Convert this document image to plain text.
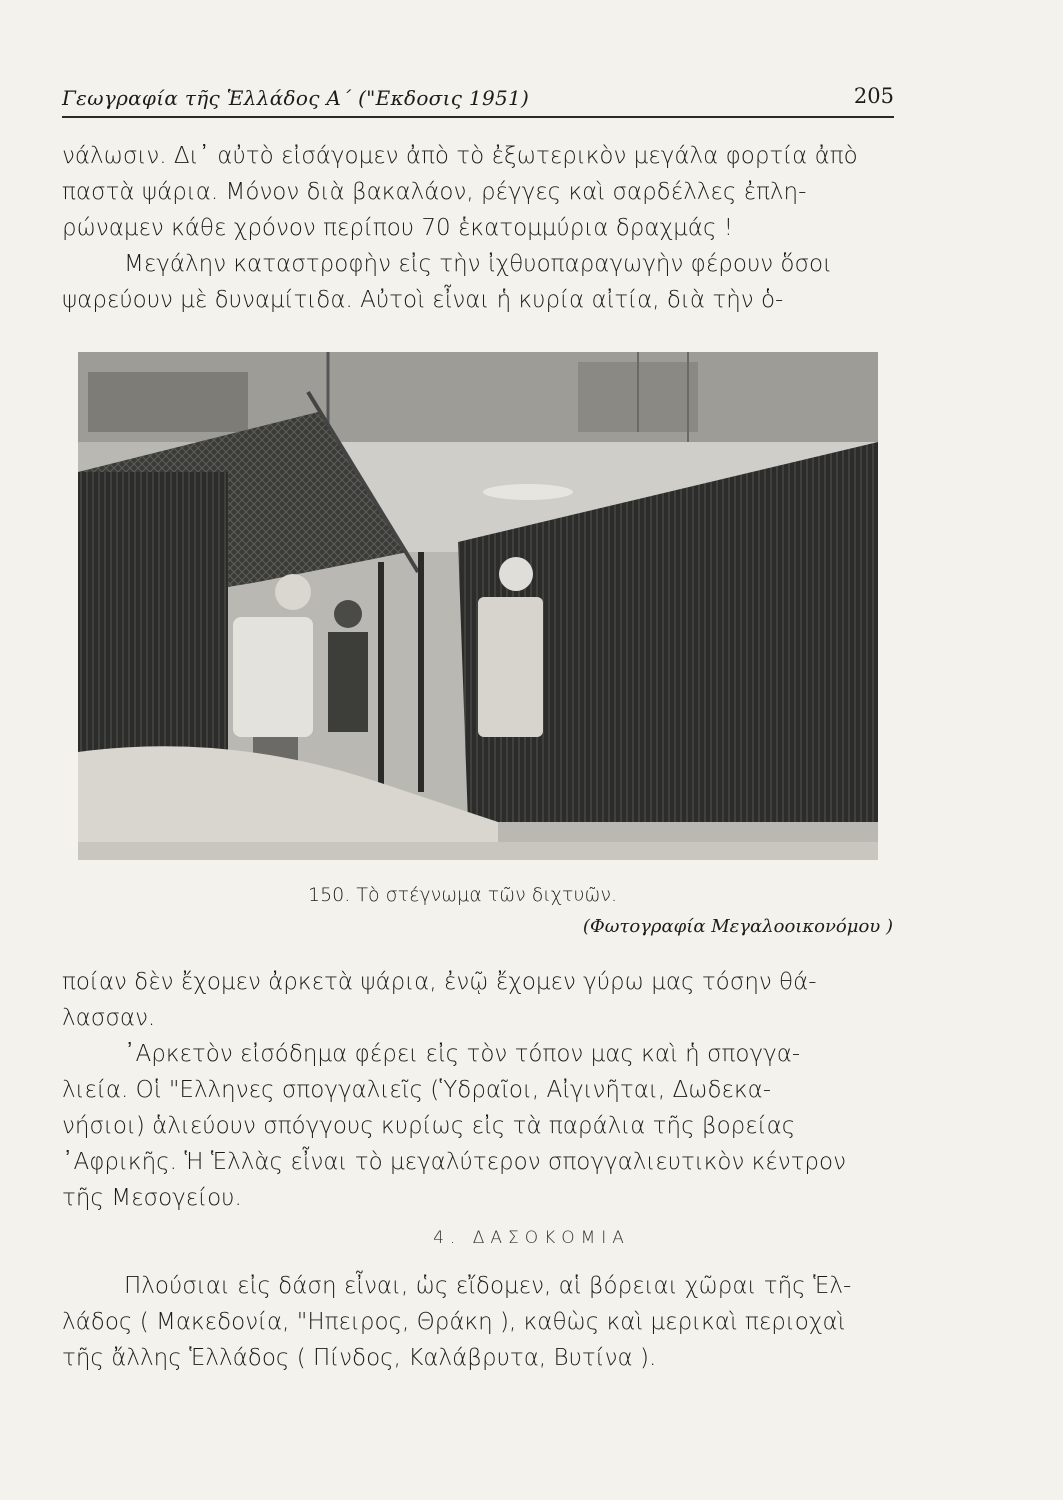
Γεωγραφία τῆς Ἑλλάδος Α΄ ("Εκδοσις 1951)	205
νάλωσιν. Δι᾽ αὐτὸ εἰσάγομεν ἀπὸ τὸ ἐξωτερικὸν μεγάλα φορτία ἀπὸ
παστὰ ψάρια. Μόνον διὰ βακαλάον, ρέγγες καὶ σαρδέλλες ἐπλη-
ρώναμεν κάθε χρόνον περίπου 70 ἑκατομμύρια δραχμάς !
Μεγάλην καταστροφὴν εἰς τὴν ἰχθυοπαραγωγὴν φέρουν ὅσοι
ψαρεύουν μὲ δυναμίτιδα. Αὐτοὶ εἶναι ἡ κυρία αἰτία, διὰ τὴν ὁ-
150. Τὸ στέγνωμα τῶν διχτυῶν.
(Φωτογραφία Μεγαλοοικονόμου )
ποίαν δὲν ἔχομεν ἀρκετὰ ψάρια, ἐνῷ ἔχομεν γύρω μας τόσην θά-
λασσαν.
᾽Αρκετὸν εἰσόδημα φέρει εἰς τὸν τόπον μας καὶ ἡ σπογγα-
λιεία. Οἱ "Ελληνες σπογγαλιεῖς (Ὑδραῖοι, Αἰγινῆται, Δωδεκα-
νήσιοι) ἁλιεύουν σπόγγους κυρίως εἰς τὰ παράλια τῆς βορείας
᾽Αφρικῆς. Ἡ Ἑλλὰς εἶναι τὸ μεγαλύτερον σπογγαλιευτικὸν κέντρον
τῆς Μεσογείου.
4. ΔΑΣΟΚΟΜΙΑ
Πλούσιαι εἰς δάση εἶναι, ὡς εἴδομεν, αἱ βόρειαι χῶραι τῆς Ἑλ-
λάδος ( Μακεδονία, "Ηπειρος, Θράκη ), καθὼς καὶ μερικαὶ περιοχαὶ
τῆς ἄλλης Ἑλλάδος ( Πίνδος, Καλάβρυτα, Βυτίνα ).
